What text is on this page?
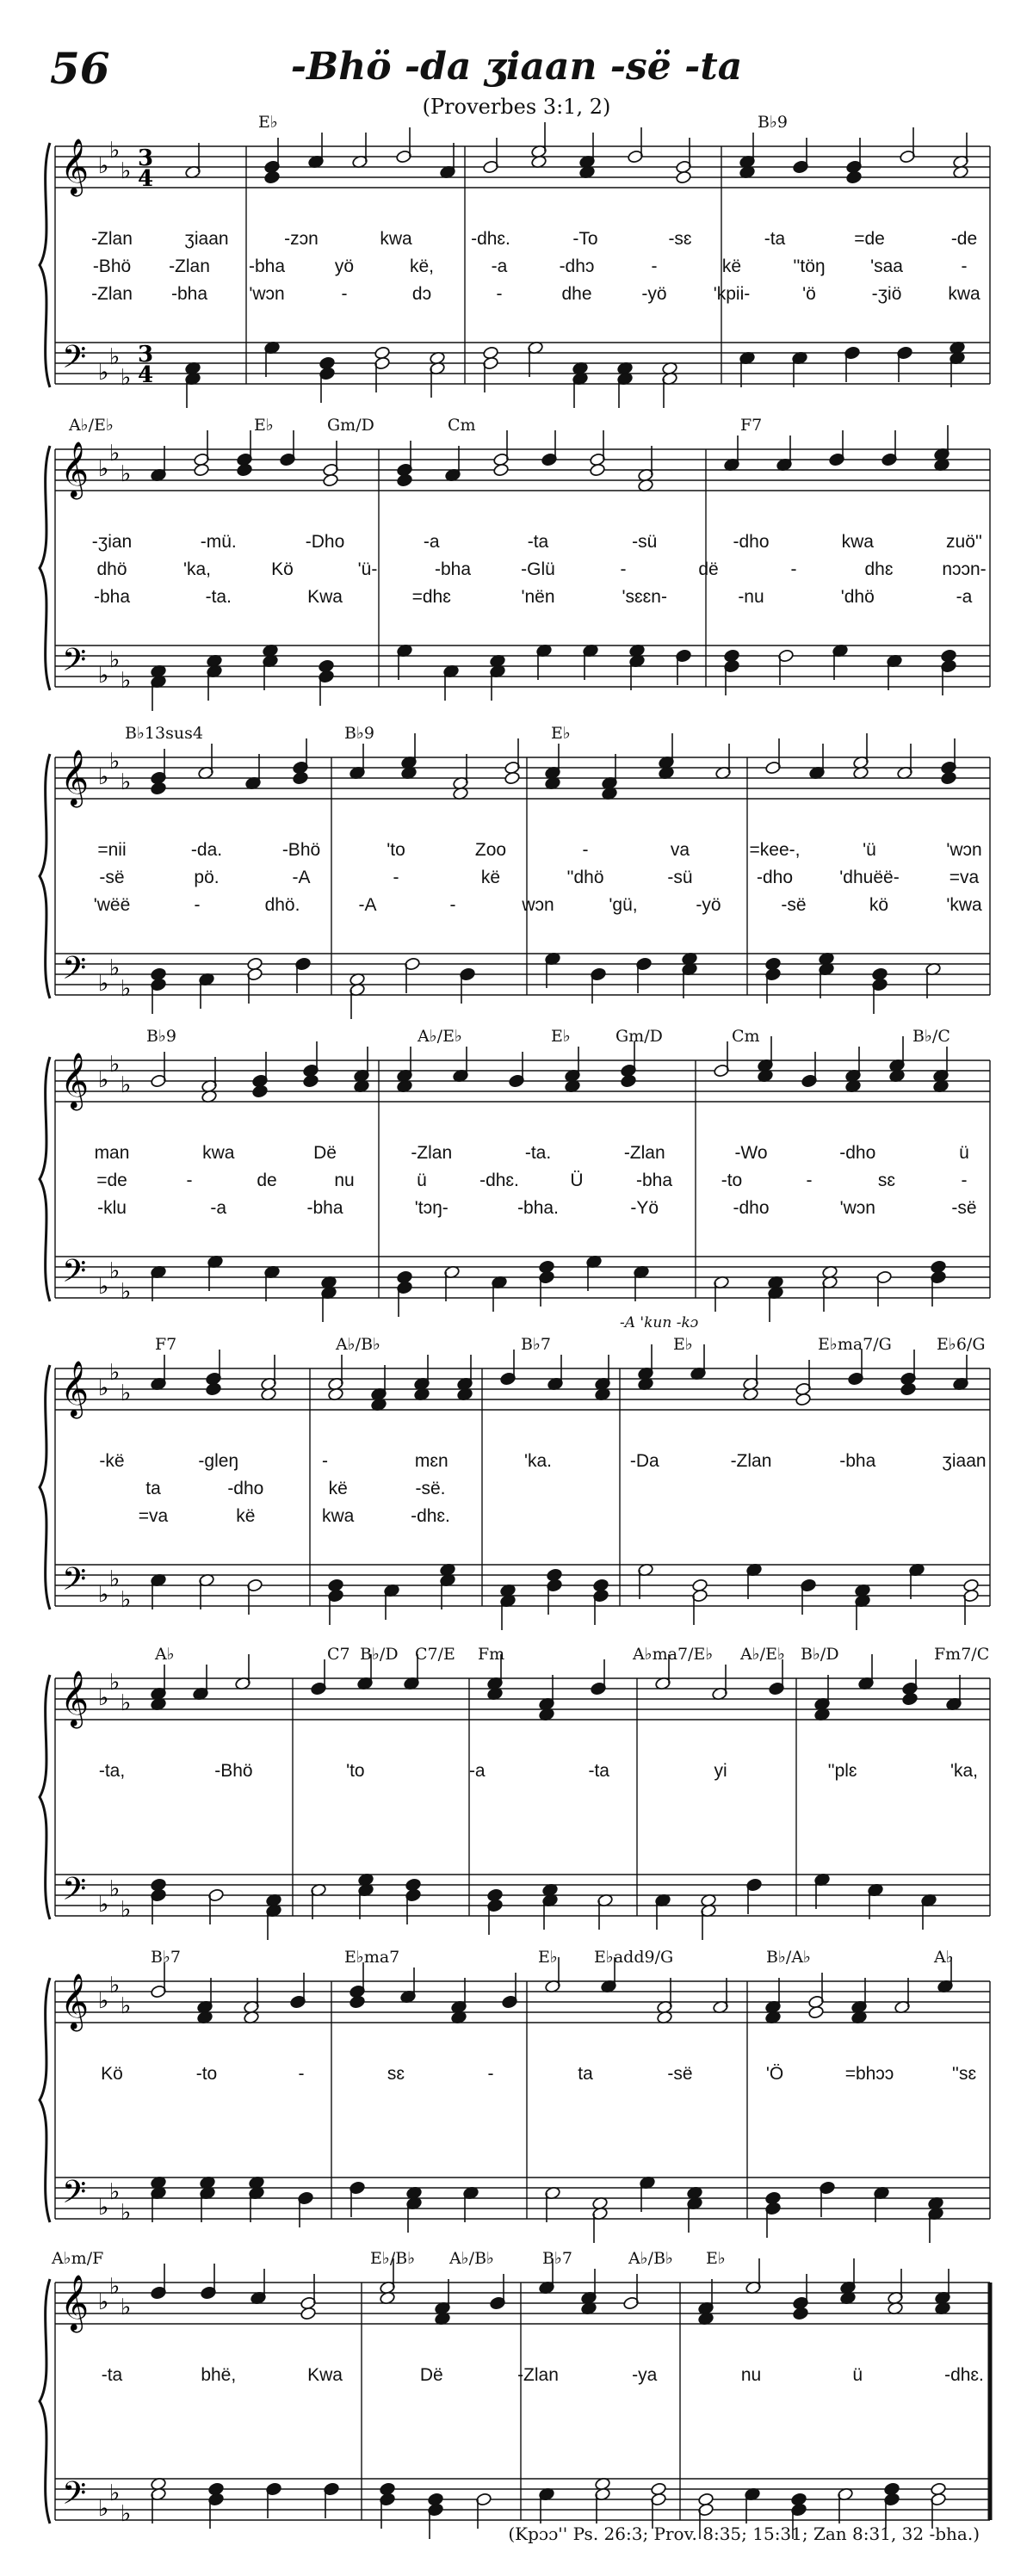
56	-Bhö -da ʒiaan -së -ta
(Proverbes 3:1, 2)
𝄞
𝄢
♭
♭
♭
♭
♭
♭
3
4
3
4
E♭	B♭9
-Zlan	ʒiaan	-zɔn	kwa	-dhɛ.	-To	-sɛ	-ta	=de	-de
-Bhö -Zlan -bha	yö	kë,	-a	-dhɔ	-	kë	''töŋ 'saa	-
-Zlan -bha 'wɔn	-	dɔ	-	dhe	-yö	'kpii-	'ö	-ʒiö	kwa
𝄞
𝄢
♭
♭
♭
♭
♭
♭
A♭/E♭	E♭	Gm/D	Cm	F7
-ʒian	-mü.	-Dho	-a	-ta	-sü	-dho	kwa	zuö''
dhö	'ka,	Kö	'ü-	-bha	-Glü	-	dë	-	dhɛ	nɔɔn-
-bha	-ta.	Kwa	=dhɛ	'nën	'sɛɛn-	-nu	'dhö	-a
𝄞
𝄢
♭
♭
♭
♭
♭
♭
B♭13sus4	B♭9	E♭
=nii	-da.	-Bhö	'to	Zoo	-	va	=kee-,	'ü	'wɔn
-së	pö.	-A	-	kë	''dhö	-sü	-dho	'dhuëë-	=va
'wëë	-	dhö.	-A	-	wɔn	'gü,	-yö	-së	kö	'kwa
𝄞
𝄢
♭
♭
♭
♭
♭
♭
B♭9	A♭/E♭	E♭	Gm/D	Cm	B♭/C
man	kwa	Dë	-Zlan	-ta.	-Zlan	-Wo	-dho	ü
=de	-	de	nu	ü	-dhɛ.	Ü	-bha	-to	-	sɛ	-
-klu	-a	-bha	'tɔŋ-	-bha.	-Yö	-dho	'wɔn	-së
𝄞
𝄢
♭
♭
♭
♭
♭
♭
F7	A♭/B♭	B♭7	E♭	E♭ma7/G	E♭6/G
-A 'kun -kɔ
-kë	-gleŋ	-	mɛn	'ka.	-Da	-Zlan	-bha	ʒiaan
ta	-dho	kë	-së.
=va	kë	kwa	-dhɛ.
𝄞
𝄢
♭
♭
♭
♭
♭
♭
A♭	C7 B♭/D C7/E Fm	A♭ma7/E♭ A♭/E♭ B♭/D	Fm7/C
-ta,	-Bhö	'to	-a	-ta	yi	''plɛ	'ka,
𝄞
𝄢
♭
♭
♭
♭
♭
♭
B♭7	E♭ma7	E♭ E♭add9/G	B♭/A♭	A♭
Kö	-to	-	sɛ	-	ta	-së	'Ö	=bhɔɔ	''sɛ
𝄞
𝄢
♭
♭
♭
♭
♭
♭
A♭m/F	E♭/B♭ A♭/B♭	B♭7	A♭/B♭ E♭
-ta	bhë,	Kwa	Dë	-Zlan	-ya	nu	ü	-dhɛ.
(Kpɔɔ'' Ps. 26:3; Prov. 8:35; 15:31; Zan 8:31, 32 -bha.)
